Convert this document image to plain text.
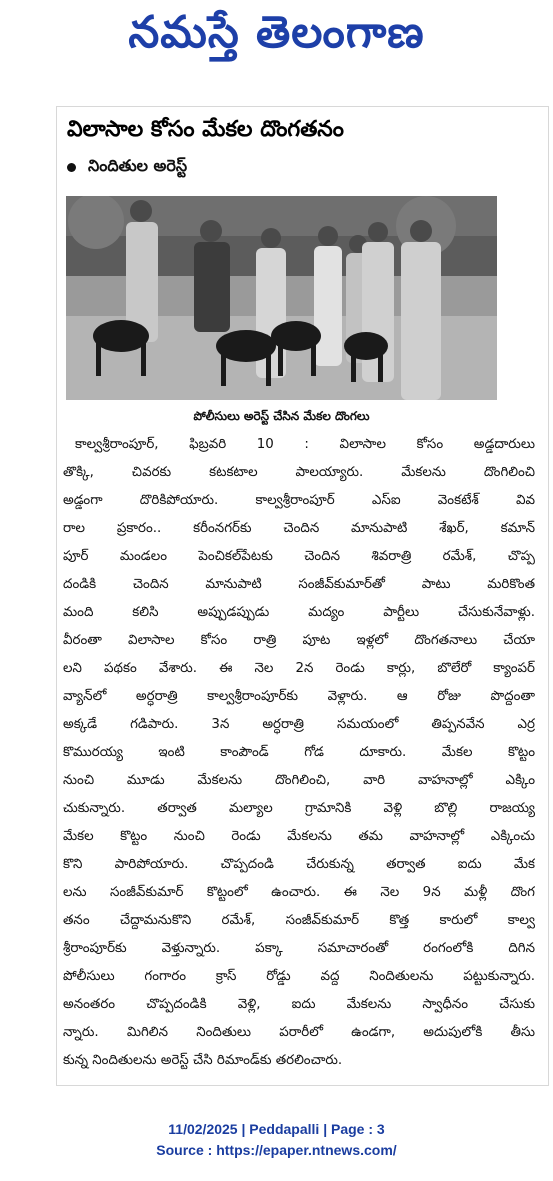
నమస్తే తెలంగాణ
విలాసాల కోసం మేకల దొంగతనం
నిందితుల అరెస్ట్
పోలీసులు అరెస్ట్ చేసిన మేకల దొంగలు
కాల్వశ్రీరాంపూర్, ఫిబ్రవరి 10 : విలాసాల కోసం అడ్డదారులు
తొక్కి, చివరకు కటకటాల పాలయ్యారు. మేకలను దొంగిలించి
అడ్డంగా దొరికిపోయారు. కాల్వశ్రీరాంపూర్ ఎస్ఐ వెంకటేశ్ వివ
రాల ప్రకారం.. కరీంనగర్‌కు చెందిన మానుపాటి శేఖర్, కమాన్
పూర్ మండలం పెంచికల్‌పేటకు చెందిన శివరాత్రి రమేశ్, చొప్ప
దండికి చెందిన మానుపాటి సంజీవ్‌కుమార్‌తో పాటు మరికొంత
మంది కలిసి అప్పుడప్పుడు మద్యం పార్టీలు చేసుకునేవాళ్లు.
వీరంతా విలాసాల కోసం రాత్రి పూట ఇళ్లలో దొంగతనాలు చేయా
లని పథకం వేశారు. ఈ నెల 2న రెండు కార్లు, బొలేరో క్యాంపర్
వ్యాన్‌లో అర్ధరాత్రి కాల్వశ్రీరాంపూర్‌కు వెళ్లారు. ఆ రోజు పొద్దంతా
అక్కడే గడిపారు. 3న అర్ధరాత్రి సమయంలో తిప్పనవేన ఎర్ర
కొమురయ్య ఇంటి కాంపౌండ్ గోడ దూకారు. మేకల కొట్టం
నుంచి మూడు మేకలను దొంగిలించి, వారి వాహనాల్లో ఎక్కిం
చుకున్నారు. తర్వాత మల్యాల గ్రామానికి వెళ్లి బొల్లి రాజయ్య
మేకల కొట్టం నుంచి రెండు మేకలను తమ వాహనాల్లో ఎక్కించు
కొని పారిపోయారు. చొప్పదండి చేరుకున్న తర్వాత ఐదు మేక
లను సంజీవ్‌కుమార్ కొట్టంలో ఉంచారు. ఈ నెల 9న మళ్లీ దొంగ
తనం చేద్దామనుకొని రమేశ్, సంజీవ్‌కుమార్ కొత్త కారులో కాల్వ
శ్రీరాంపూర్‌కు వెళ్తున్నారు. పక్కా సమాచారంతో రంగంలోకి దిగిన
పోలీసులు గంగారం క్రాస్ రోడ్డు వద్ద నిందితులను పట్టుకున్నారు.
అనంతరం చొప్పదండికి వెళ్లి, ఐదు మేకలను స్వాధీనం చేసుకు
న్నారు. మిగిలిన నిందితులు పరారీలో ఉండగా, అదుపులోకి తీసు
కున్న నిందితులను అరెస్ట్ చేసి రిమాండ్‌కు తరలించారు.
11/02/2025 | Peddapalli | Page : 3
Source : https://epaper.ntnews.com/
